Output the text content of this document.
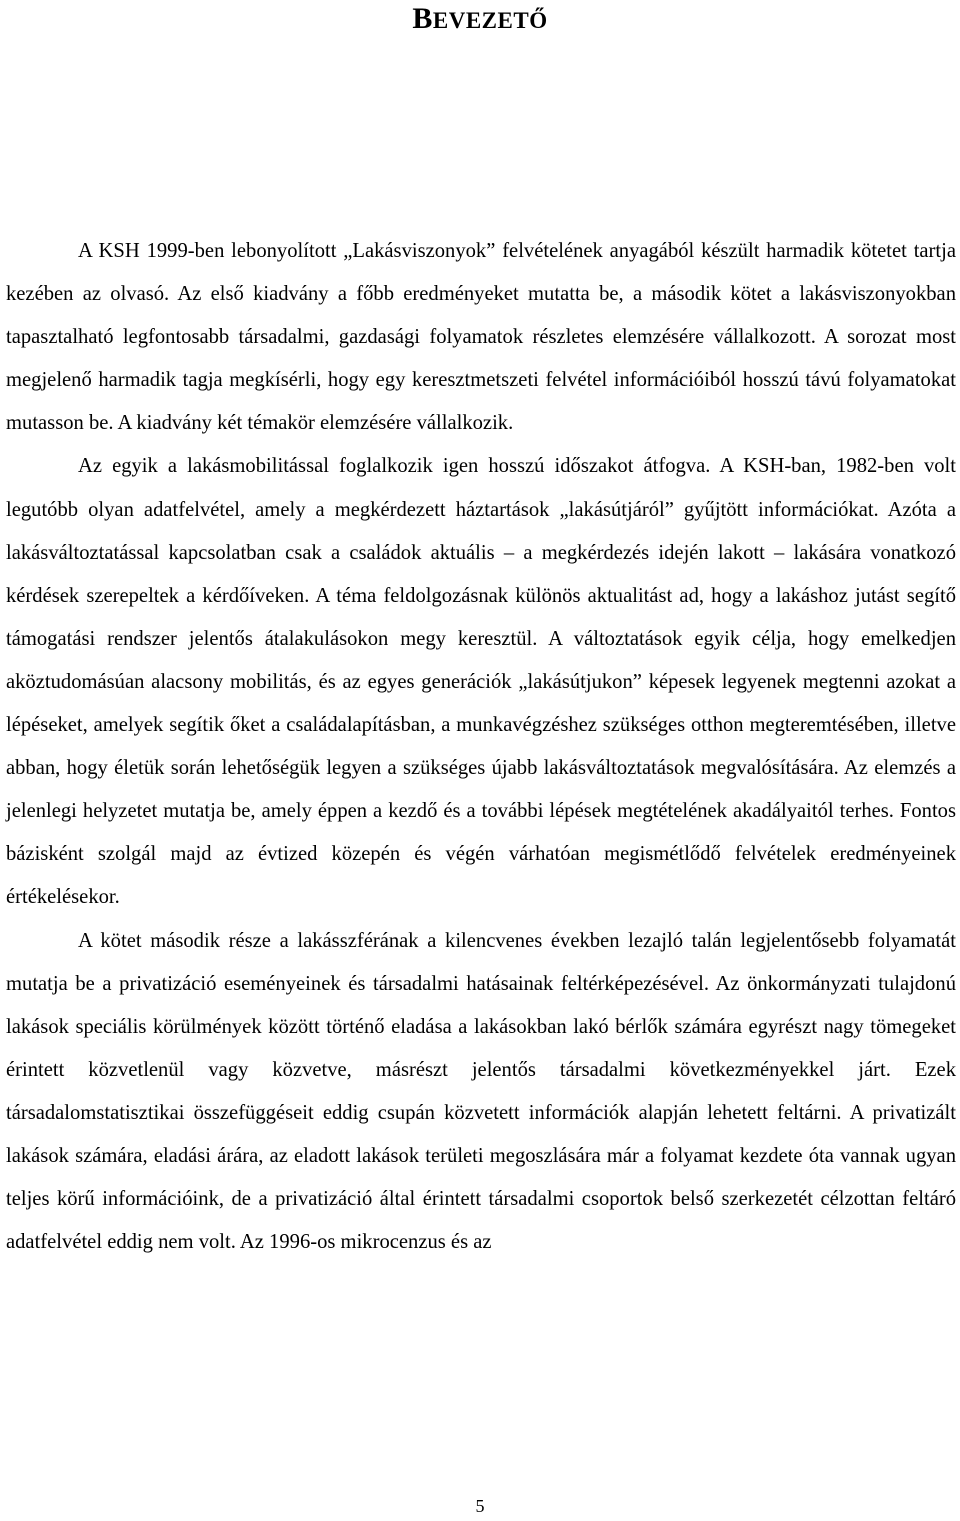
BEVEZETŐ

A KSH 1999-ben lebonyolított „Lakásviszonyok” felvételének anyagából készült harmadik kötetet tartja kezében az olvasó. Az első kiadvány a főbb eredményeket mutatta be, a második kötet a lakásviszonyokban tapasztalható legfontosabb társadalmi, gazdasági folyamatok részletes elemzésére vállalkozott. A sorozat most megjelenő harmadik tagja megkísérli, hogy egy keresztmetszeti felvétel információiból hosszú távú folyamatokat mutasson be. A kiadvány két témakör elemzésére vállalkozik.

Az egyik a lakásmobilitással foglalkozik igen hosszú időszakot átfogva. A KSH-ban, 1982-ben volt legutóbb olyan adatfelvétel, amely a megkérdezett háztartások „lakásútjáról” gyűjtött információkat. Azóta a lakásváltoztatással kapcsolatban csak a családok aktuális – a megkérdezés idején lakott – lakására vonatkozó kérdések szerepeltek a kérdőíveken. A téma feldolgozásnak különös aktualitást ad, hogy a lakáshoz jutást segítő támogatási rendszer jelentős átalakulásokon megy keresztül. A változtatások egyik célja, hogy emelkedjen aköztudomásúan alacsony mobilitás, és az egyes generációk „lakásútjukon” képesek legyenek megtenni azokat a lépéseket, amelyek segítik őket a családalapításban, a munkavégzéshez szükséges otthon megteremtésében, illetve abban, hogy életük során lehetőségük legyen a szükséges újabb lakásváltoztatások megvalósítására. Az elemzés a jelenlegi helyzetet mutatja be, amely éppen a kezdő és a további lépések megtételének akadályaitól terhes. Fontos bázisként szolgál majd az évtized közepén és végén várhatóan megismétlődő felvételek eredményeinek értékelésekor.

A kötet második része a lakásszférának a kilencvenes években lezajló talán legjelentősebb folyamatát mutatja be a privatizáció eseményeinek és társadalmi hatásainak feltérképezésével. Az önkormányzati tulajdonú lakások speciális körülmények között történő eladása a lakásokban lakó bérlők számára egyrészt nagy tömegeket érintett közvetlenül vagy közvetve, másrészt jelentős társadalmi következményekkel járt. Ezek társadalomstatisztikai összefüggéseit eddig csupán közvetett információk alapján lehetett feltárni. A privatizált lakások számára, eladási árára, az eladott lakások területi megoszlására már a folyamat kezdete óta vannak ugyan teljes körű információink, de a privatizáció által érintett társadalmi csoportok belső szerkezetét célzottan feltáró adatfelvétel eddig nem volt. Az 1996-os mikrocenzus és az

5
